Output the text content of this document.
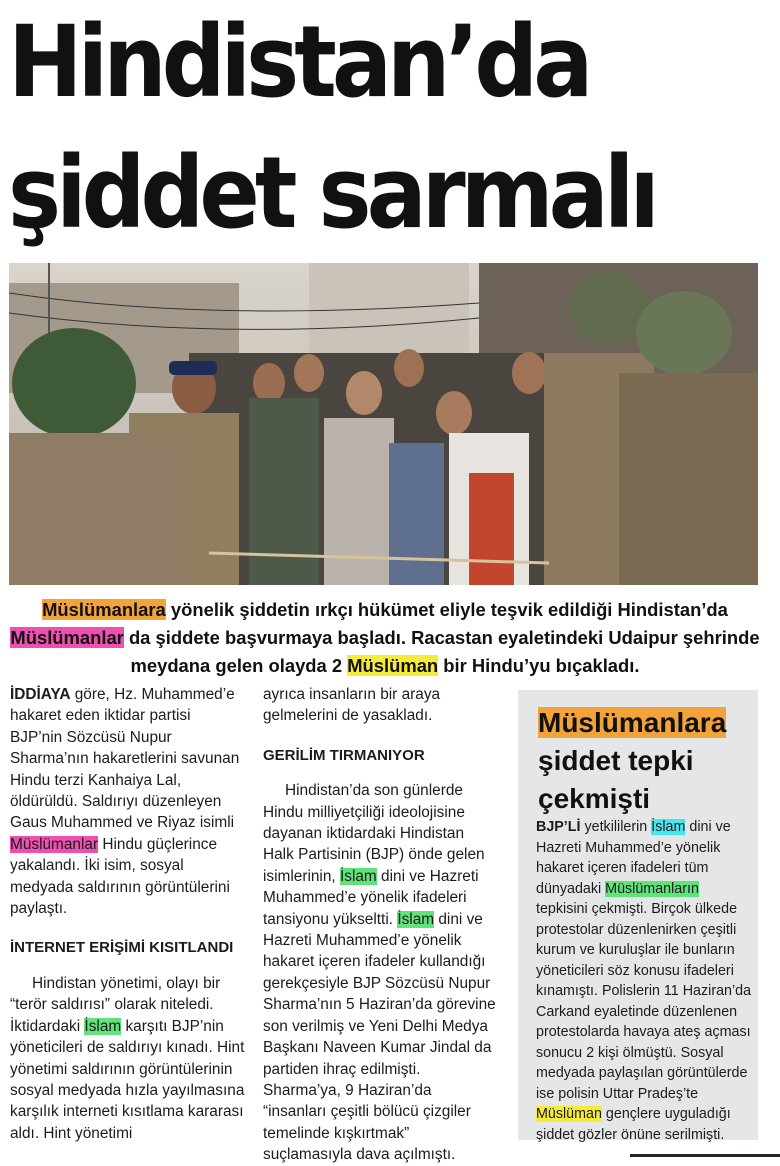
Hindistan’da
şiddet sarmalı
Müslümanlara yönelik şiddetin ırkçı hükümet eliyle teşvik edildiği Hindistan’da Müslümanlar da şiddete başvurmaya başladı. Racastan eyaletindeki Udaipur şehrinde meydana gelen olayda 2 Müslüman bir Hindu’yu bıçakladı.

İDDİAYA göre, Hz. Muhammed’e hakaret eden iktidar partisi BJP’nin Sözcüsü Nupur Sharma’nın hakaretlerini savunan Hindu terzi Kanhaiya Lal, öldürüldü. Saldırıyı düzenleyen Gaus Muhammed ve Riyaz isimli Müslümanlar Hindu güçlerince yakalandı. İki isim, sosyal medyada saldırının görüntülerini paylaştı.

İNTERNET ERİŞİMİ KISITLANDI

Hindistan yönetimi, olayı bir “terör saldırısı” olarak niteledi. İktidardaki İslam karşıtı BJP’nin yöneticileri de saldırıyı kınadı. Hint yönetimi saldırının görüntülerinin sosyal medyada hızla yayılmasına karşılık interneti kısıtlama kararası aldı. Hint yönetimi

ayrıca insanların bir araya gelmelerini de yasakladı.

GERİLİM TIRMANIYOR

Hindistan’da son günlerde Hindu milliyetçiliği ideolojisine dayanan iktidardaki Hindistan Halk Partisinin (BJP) önde gelen isimlerinin, İslam dini ve Hazreti Muhammed’e yönelik ifadeleri tansiyonu yükseltti. İslam dini ve Hazreti Muhammed’e yönelik hakaret içeren ifadeler kullandığı gerekçesiyle BJP Sözcüsü Nupur Sharma’nın 5 Haziran’da görevine son verilmiş ve Yeni Delhi Medya Başkanı Naveen Kumar Jindal da partiden ihraç edilmişti. Sharma’ya, 9 Haziran’da “insanları çeşitli bölücü çizgiler temelinde kışkırtmak” suçlamasıyla dava açılmıştı.

Müslümanlara
şiddet tepki çekmişti
BJP’Lİ yetkililerin İslam dini ve Hazreti Muhammed’e yönelik hakaret içeren ifadeleri tüm dünyadaki Müslümanların tepkisini çekmişti. Birçok ülkede protestolar düzenlenirken çeşitli kurum ve kuruluşlar ile bunların yöneticileri söz konusu ifadeleri kınamıştı. Polislerin 11 Haziran’da Carkand eyaletinde düzenlenen protestolarda havaya ateş açması sonucu 2 kişi ölmüştü. Sosyal medyada paylaşılan görüntülerde ise polisin Uttar Pradeş’te Müslüman gençlere uyguladığı şiddet gözler önüne serilmişti.
